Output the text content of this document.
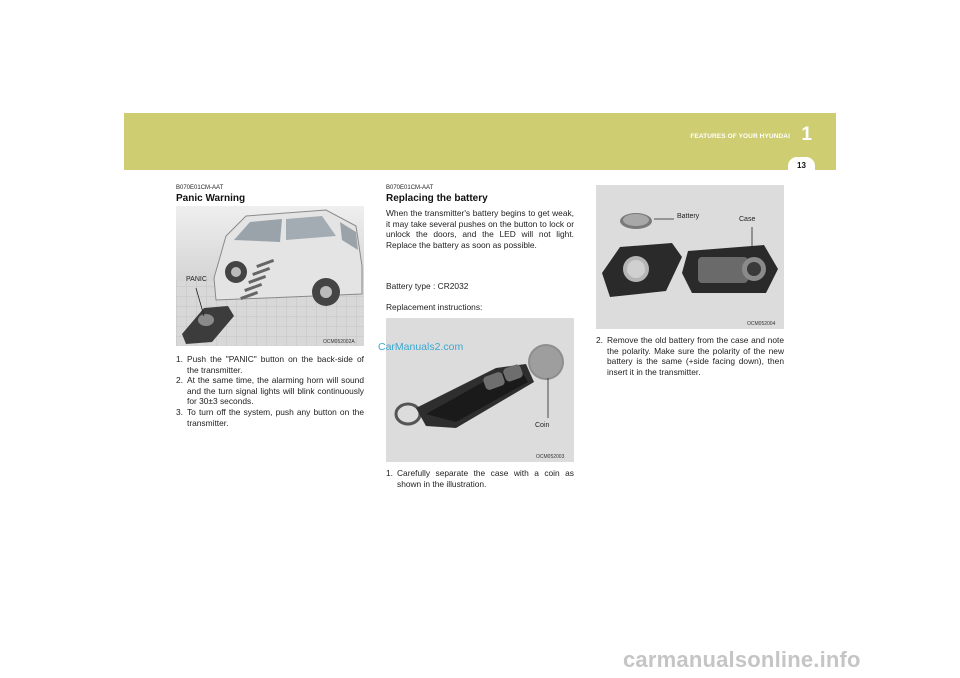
FEATURES OF YOUR HYUNDAI 1
13
B070E01CM-AAT
Panic Warning
PANIC
OCM052002A
1. Push the "PANIC" button on the back-side of the transmitter.
2. At the same time, the alarming horn will sound and the turn signal lights will blink continuously for 30±3 seconds.
3. To turn off the system, push any button on the transmitter.
B070E01CM-AAT
Replacing the battery
When the transmitter's battery begins to get weak, it may take several pushes on the button to lock or unlock the doors, and the LED will not light. Replace the battery as soon as possible.
Battery type : CR2032
Replacement instructions:
Coin
OCM052003
1. Carefully separate the case with a coin as shown in the illustration.
Battery	Case
OCM052004
2. Remove the old battery from the case and note the polarity. Make sure the polarity of the new battery is the same (+side facing down), then insert it in the transmitter.
CarManuals2.com
carmanualsonline.info
